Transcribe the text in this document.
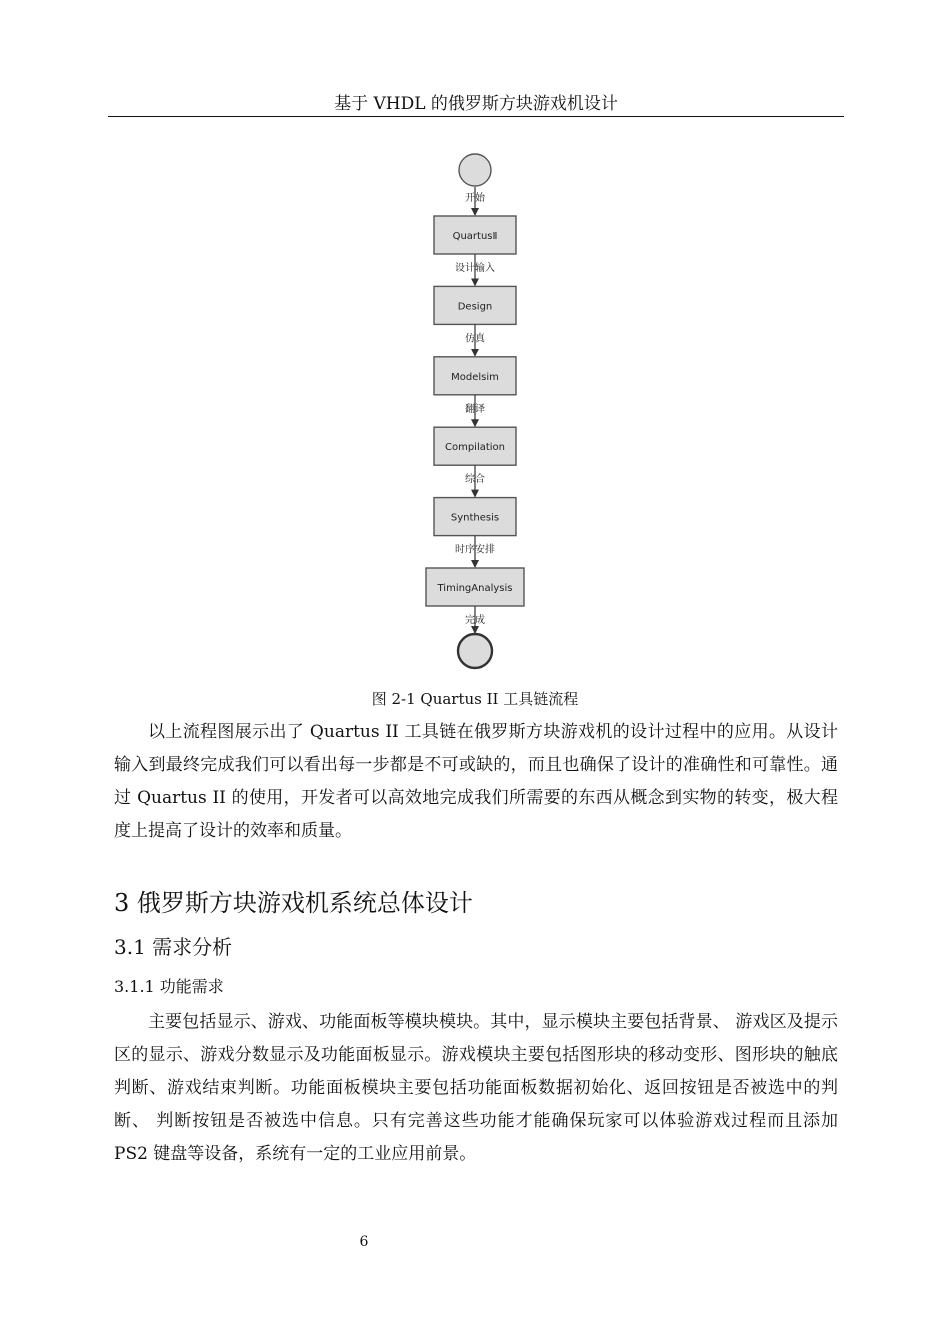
基于 VHDL 的俄罗斯方块游戏机设计
开始
QuartusⅡ
设计输入
Design
仿真
Modelsim
翻译
Compilation
综合
Synthesis
时序安排
TimingAnalysis
完成
图 2-1 Quartus II 工具链流程

以上流程图展示出了 Quartus II 工具链在俄罗斯方块游戏机的设计过程中的应用。从设计输入到最终完成我们可以看出每一步都是不可或缺的，而且也确保了设计的准确性和可靠性。通过 Quartus II 的使用，开发者可以高效地完成我们所需要的东西从概念到实物的转变，极大程度上提高了设计的效率和质量。

3 俄罗斯方块游戏机系统总体设计
3.1 需求分析
3.1.1 功能需求

主要包括显示、游戏、功能面板等模块模块。其中，显示模块主要包括背景、 游戏区及提示区的显示、游戏分数显示及功能面板显示。游戏模块主要包括图形块的移动变形、图形块的触底判断、游戏结束判断。功能面板模块主要包括功能面板数据初始化、返回按钮是否被选中的判断、 判断按钮是否被选中信息。只有完善这些功能才能确保玩家可以体验游戏过程而且添加 PS2 键盘等设备，系统有一定的工业应用前景。

6
